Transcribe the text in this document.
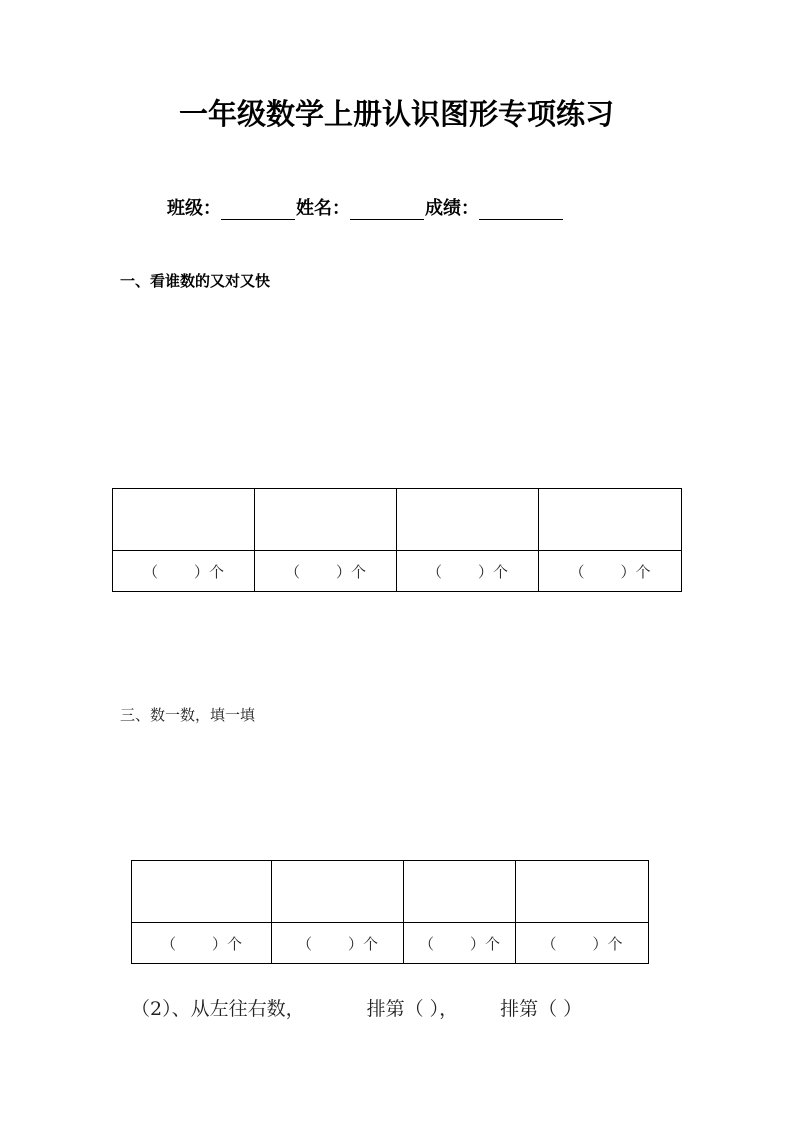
一年级数学上册认识图形专项练习
班级：	姓名：	成绩：
一、看谁数的又对又快

（ ） 个	（ ） 个	（ ） 个	（ ） 个
三、数一数，填一填

（ ） 个	（ ） 个	（ ） 个	（ ） 个
（2）、从左往右数，	排第（ ）， 排第（ ）
